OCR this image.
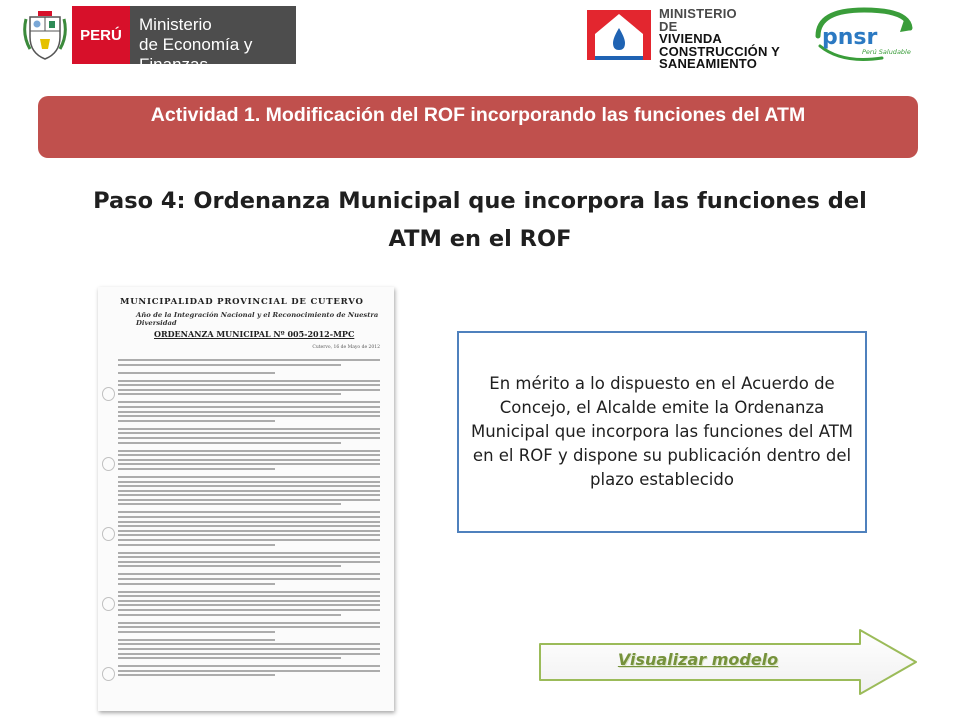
PERÚ
Ministerio
de Economía y Finanzas
MINISTERIO
DE
VIVIENDA
CONSTRUCCIÓN Y
SANEAMIENTO
pnsr
Perú Saludable
Actividad 1. Modificación del ROF incorporando las funciones del ATM
Paso 4: Ordenanza Municipal que incorpora las funciones del
ATM en el ROF
MUNICIPALIDAD PROVINCIAL DE CUTERVO
Año de la Integración Nacional y el Reconocimiento de Nuestra Diversidad
ORDENANZA MUNICIPAL Nº 005-2012-MPC
Cutervo, 16 de Mayo de 2012
En mérito a lo dispuesto en el Acuerdo de Concejo, el Alcalde emite la Ordenanza Municipal que incorpora las funciones del ATM en el ROF y dispone su publicación dentro del plazo establecido
Visualizar modelo
